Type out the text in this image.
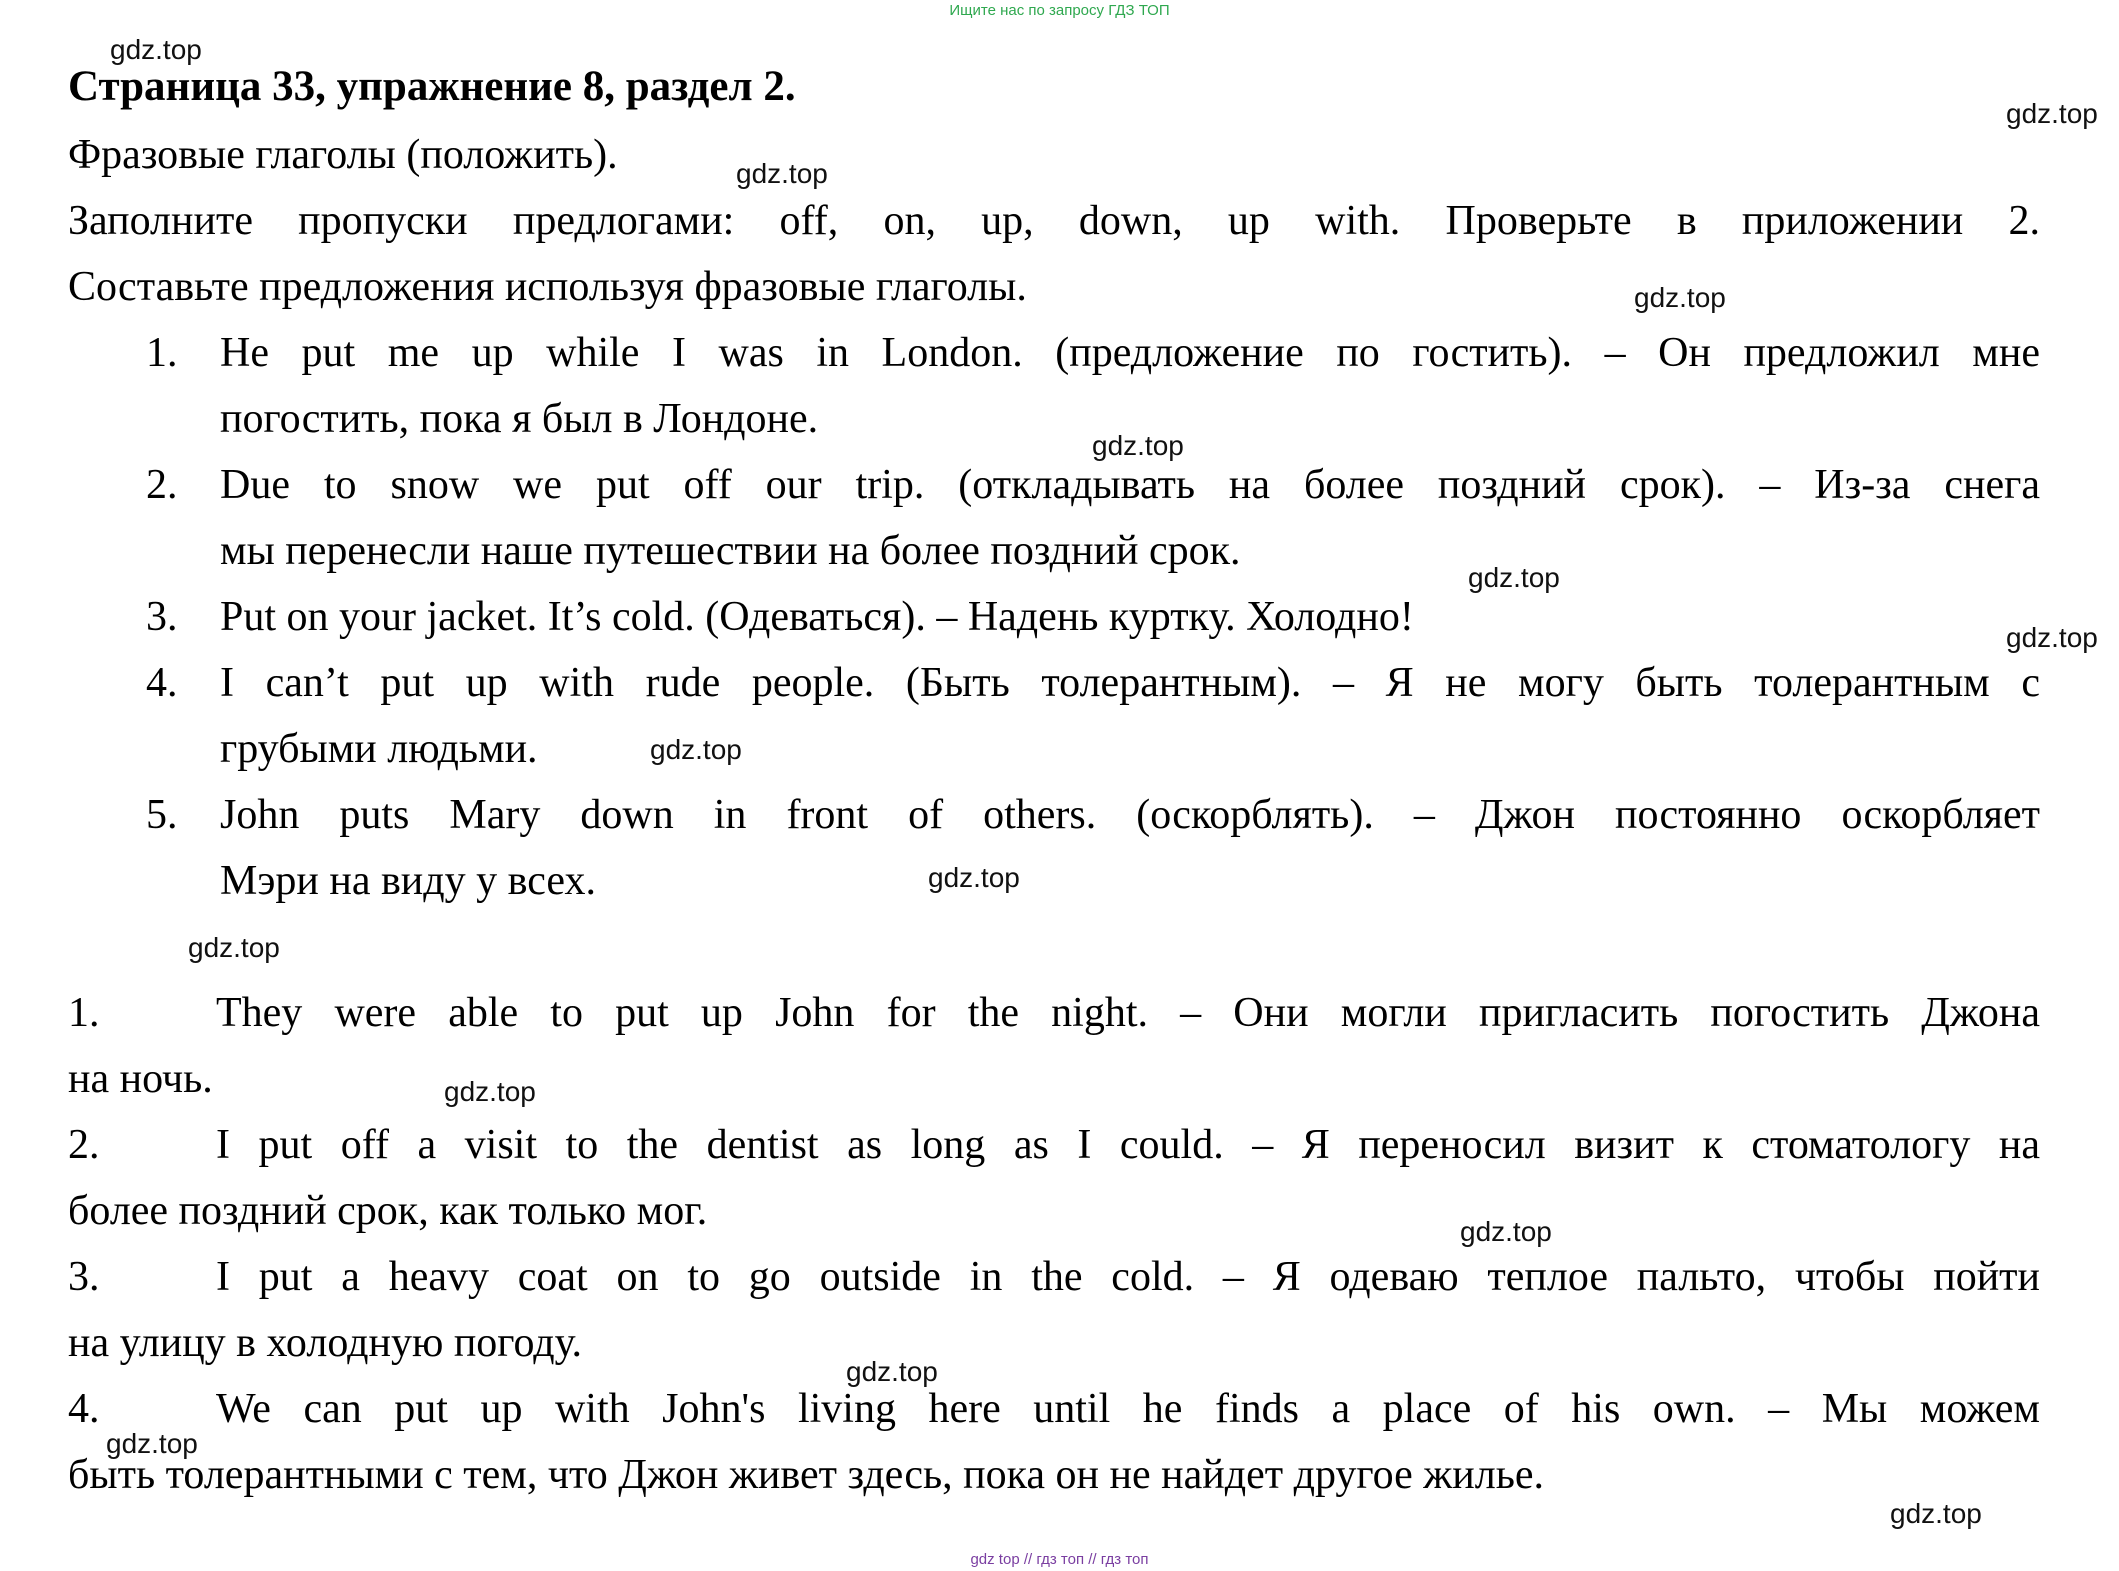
Ищите нас по запросу ГДЗ ТОП
gdz top // гдз топ // гдз топ
Страница 33, упражнение 8, раздел 2.
Фразовые глаголы (положить).
Заполните пропуски предлогами: off, on, up, down, up with. Проверьте в приложении 2.
Составьте предложения используя фразовые глаголы.
1. He put me up while I was in London. (предложение по гостить). – Он предложил мне
погостить, пока я был в Лондоне.
2. Due to snow we put off our trip. (откладывать на более поздний срок). – Из-за снега
мы перенесли наше путешествии на более поздний срок.
3. Put on your jacket. It’s cold. (Одеваться). – Надень куртку. Холодно!
4. I can’t put up with rude people. (Быть толерантным). – Я не могу быть толерантным с
грубыми людьми.
5. John puts Mary down in front of others. (оскорблять). – Джон постоянно оскорбляет
Мэри на виду у всех.
1.	They were able to put up John for the night. – Они могли пригласить погостить Джона
на ночь.
2.	I put off a visit to the dentist as long as I could. – Я переносил визит к стоматологу на
более поздний срок, как только мог.
3.	I put a heavy coat on to go outside in the cold. – Я одеваю теплое пальто, чтобы пойти
на улицу в холодную погоду.
4.	We can put up with John's living here until he finds a place of his own. – Мы можем
быть толерантными с тем, что Джон живет здесь, пока он не найдет другое жилье.
gdz.top
gdz.top
gdz.top
gdz.top
gdz.top
gdz.top
gdz.top
gdz.top
gdz.top
gdz.top
gdz.top
gdz.top
gdz.top
gdz.top
gdz.top
